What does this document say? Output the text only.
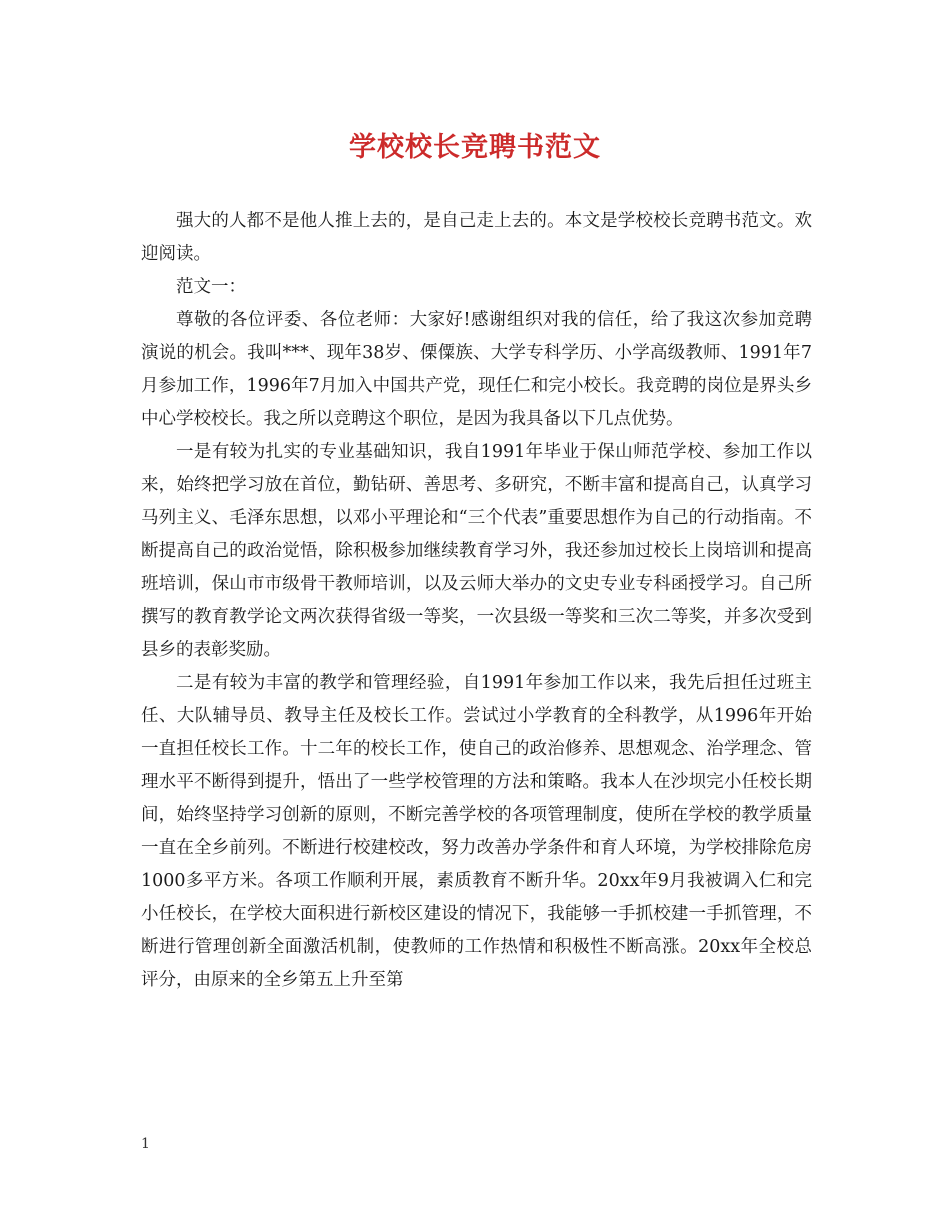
学校校长竞聘书范文

强大的人都不是他人推上去的，是自己走上去的。本文是学校校长竞聘书范文。欢迎阅读。

范文一：

尊敬的各位评委、各位老师：大家好!感谢组织对我的信任，给了我这次参加竞聘演说的机会。我叫***、现年38岁、傈僳族、大学专科学历、小学高级教师、1991年7月参加工作，1996年7月加入中国共产党，现任仁和完小校长。我竞聘的岗位是界头乡中心学校校长。我之所以竞聘这个职位，是因为我具备以下几点优势。

一是有较为扎实的专业基础知识，我自1991年毕业于保山师范学校、参加工作以来，始终把学习放在首位，勤钻研、善思考、多研究，不断丰富和提高自己，认真学习马列主义、毛泽东思想，以邓小平理论和“三个代表”重要思想作为自己的行动指南。不断提高自己的政治觉悟，除积极参加继续教育学习外，我还参加过校长上岗培训和提高班培训，保山市市级骨干教师培训，以及云师大举办的文史专业专科函授学习。自己所撰写的教育教学论文两次获得省级一等奖，一次县级一等奖和三次二等奖，并多次受到县乡的表彰奖励。

二是有较为丰富的教学和管理经验，自1991年参加工作以来，我先后担任过班主任、大队辅导员、教导主任及校长工作。尝试过小学教育的全科教学，从1996年开始一直担任校长工作。十二年的校长工作，使自己的政治修养、思想观念、治学理念、管理水平不断得到提升，悟出了一些学校管理的方法和策略。我本人在沙坝完小任校长期间，始终坚持学习创新的原则，不断完善学校的各项管理制度，使所在学校的教学质量一直在全乡前列。不断进行校建校改，努力改善办学条件和育人环境，为学校排除危房1000多平方米。各项工作顺利开展，素质教育不断升华。20xx年9月我被调入仁和完小任校长，在学校大面积进行新校区建设的情况下，我能够一手抓校建一手抓管理，不断进行管理创新全面激活机制，使教师的工作热情和积极性不断高涨。20xx年全校总评分，由原来的全乡第五上升至第

1
